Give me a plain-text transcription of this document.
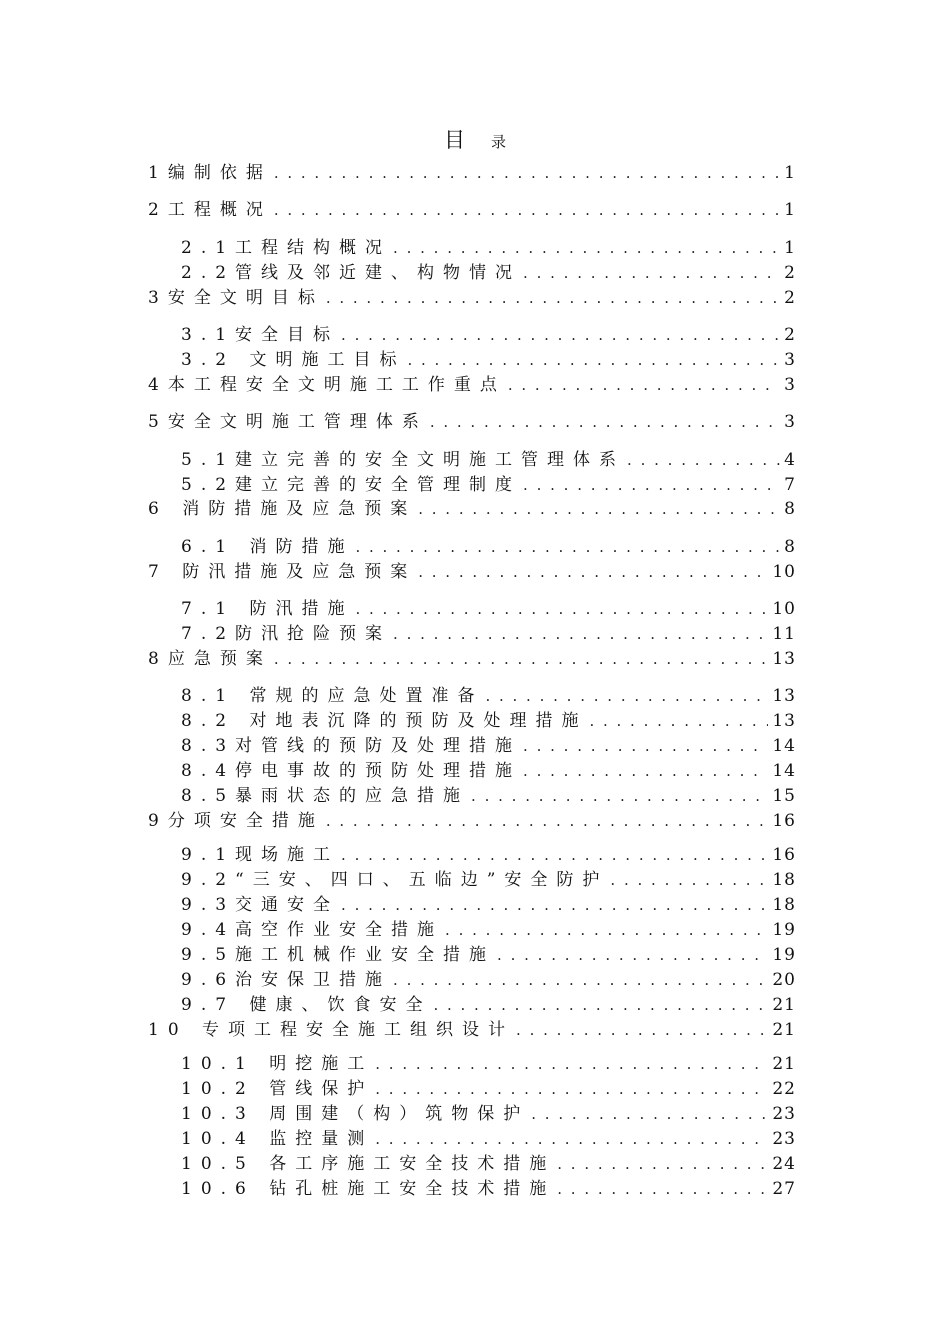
目 录
1编制依据 . . .	1
2工程概况 . . .	1
2.1工程结构概况 . . .	1
2.2管线及邻近建、构物情况 . . .	2
3安全文明目标 . . .	2
3.1安全目标 . . .	2
3.2 文明施工目标 . . .	3
4本工程安全文明施工工作重点 . . .	3
5安全文明施工管理体系 . . .	3
5.1建立完善的安全文明施工管理体系 . . .	4
5.2建立完善的安全管理制度 . . .	7
6 消防措施及应急预案 . . .	8
6.1 消防措施 . . .	8
7 防汛措施及应急预案 . . .	10
7.1 防汛措施 . . .	10
7.2防汛抢险预案 . . .	11
8应急预案 . . .	13
8.1 常规的应急处置准备 . . .	13
8.2 对地表沉降的预防及处理措施 . . .	13
8.3对管线的预防及处理措施 . . .	14
8.4停电事故的预防处理措施 . . .	14
8.5暴雨状态的应急措施 . . .	15
9分项安全措施 . . .	16
9.1现场施工 . . .	16
9.2“三安、四口、五临边”安全防护 . . .	18
9.3交通安全 . . .	18
9.4高空作业安全措施 . . .	19
9.5施工机械作业安全措施 . . .	19
9.6治安保卫措施 . . .	20
9.7 健康、饮食安全 . . .	21
10 专项工程安全施工组织设计 . . .	21
10.1 明挖施工 . . .	21
10.2 管线保护 . . .	22
10.3 周围建（构）筑物保护 . . .	23
10.4 监控量测 . . .	23
10.5 各工序施工安全技术措施 . . .	24
10.6 钻孔桩施工安全技术措施 . . .	27
